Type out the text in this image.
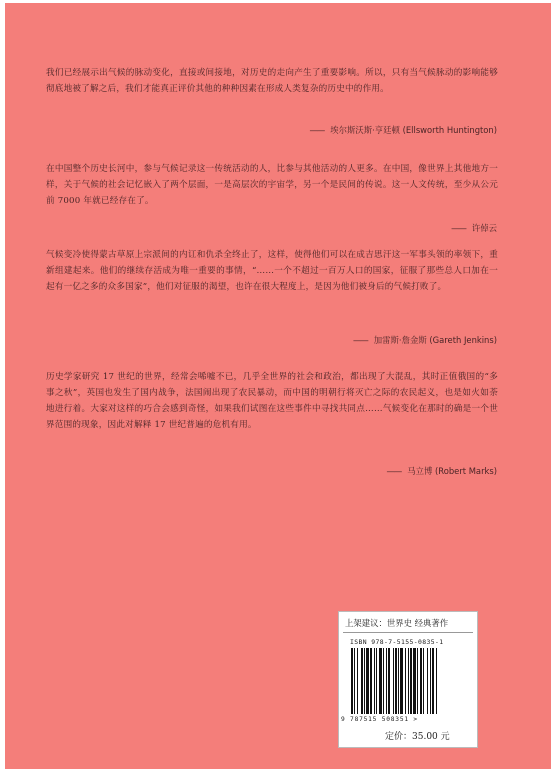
我们已经展示出气候的脉动变化，直接或间接地，对历史的走向产生了重要影响。所以，只有当气候脉动的影响能够彻底地被了解之后，我们才能真正评价其他的种种因素在形成人类复杂的历史中的作用。

—— 埃尔斯沃斯·亨廷顿 (Ellsworth Huntington)

在中国整个历史长河中，参与气候记录这一传统活动的人，比参与其他活动的人更多。在中国，像世界上其他地方一样，关于气候的社会记忆嵌入了两个层面，一是高层次的宇宙学，另一个是民间的传说。这一人文传统，至少从公元前 7000 年就已经存在了。

—— 许倬云

气候变冷使得蒙古草原上宗派间的内讧和仇杀全终止了，这样，使得他们可以在成吉思汗这一军事头领的率领下，重新组建起来。他们的继续存活成为唯一重要的事情，“……一个不超过一百万人口的国家，征服了那些总人口加在一起有一亿之多的众多国家”，他们对征服的渴望，也许在很大程度上，是因为他们被身后的气候打败了。

—— 加雷斯·詹金斯 (Gareth Jenkins)

历史学家研究 17 世纪的世界，经常会唏嘘不已，几乎全世界的社会和政治，都出现了大混乱，其时正值俄国的“多事之秋”，英国也发生了国内战争，法国闹出现了农民暴动，而中国的明朝行将灭亡之际的农民起义，也是如火如荼地进行着。大家对这样的巧合会感到奇怪，如果我们试图在这些事件中寻找共同点……气候变化在那时的确是一个世界范围的现象，因此对解释 17 世纪普遍的危机有用。

—— 马立博 (Robert Marks)
上架建议：世界史 经典著作
ISBN 978-7-5155-0835-1
9 787515 508351 >
定价：35.00 元
